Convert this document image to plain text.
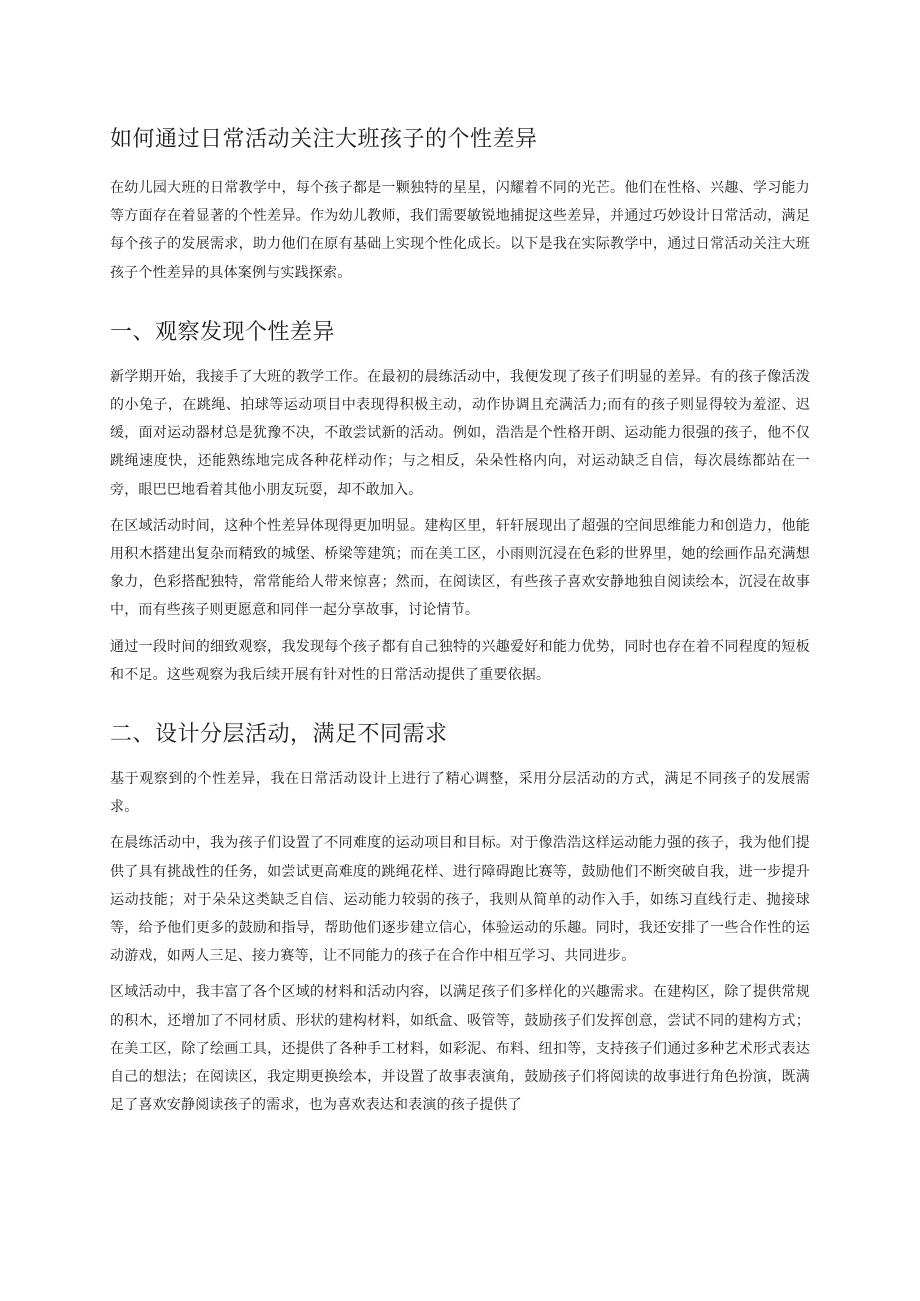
如何通过日常活动关注大班孩子的个性差异

在幼儿园大班的日常教学中，每个孩子都是一颗独特的星星，闪耀着不同的光芒。他们在性格、兴趣、学习能力等方面存在着显著的个性差异。作为幼儿教师，我们需要敏锐地捕捉这些差异，并通过巧妙设计日常活动，满足每个孩子的发展需求，助力他们在原有基础上实现个性化成长。以下是我在实际教学中，通过日常活动关注大班孩子个性差异的具体案例与实践探索。

一、观察发现个性差异

新学期开始，我接手了大班的教学工作。在最初的晨练活动中，我便发现了孩子们明显的差异。有的孩子像活泼的小兔子，在跳绳、拍球等运动项目中表现得积极主动，动作协调且充满活力;而有的孩子则显得较为羞涩、迟缓，面对运动器材总是犹豫不决，不敢尝试新的活动。例如，浩浩是个性格开朗、运动能力很强的孩子，他不仅跳绳速度快，还能熟练地完成各种花样动作；与之相反，朵朵性格内向，对运动缺乏自信，每次晨练都站在一旁，眼巴巴地看着其他小朋友玩耍，却不敢加入。

在区域活动时间，这种个性差异体现得更加明显。建构区里，轩轩展现出了超强的空间思维能力和创造力，他能用积木搭建出复杂而精致的城堡、桥梁等建筑；而在美工区，小雨则沉浸在色彩的世界里，她的绘画作品充满想象力，色彩搭配独特，常常能给人带来惊喜；然而，在阅读区，有些孩子喜欢安静地独自阅读绘本，沉浸在故事中，而有些孩子则更愿意和同伴一起分享故事，讨论情节。

通过一段时间的细致观察，我发现每个孩子都有自己独特的兴趣爱好和能力优势，同时也存在着不同程度的短板和不足。这些观察为我后续开展有针对性的日常活动提供了重要依据。

二、设计分层活动，满足不同需求

基于观察到的个性差异，我在日常活动设计上进行了精心调整，采用分层活动的方式，满足不同孩子的发展需求。

在晨练活动中，我为孩子们设置了不同难度的运动项目和目标。对于像浩浩这样运动能力强的孩子，我为他们提供了具有挑战性的任务，如尝试更高难度的跳绳花样、进行障碍跑比赛等，鼓励他们不断突破自我，进一步提升运动技能；对于朵朵这类缺乏自信、运动能力较弱的孩子，我则从简单的动作入手，如练习直线行走、抛接球等，给予他们更多的鼓励和指导，帮助他们逐步建立信心，体验运动的乐趣。同时，我还安排了一些合作性的运动游戏，如两人三足、接力赛等，让不同能力的孩子在合作中相互学习、共同进步。

区域活动中，我丰富了各个区域的材料和活动内容，以满足孩子们多样化的兴趣需求。在建构区，除了提供常规的积木，还增加了不同材质、形状的建构材料，如纸盒、吸管等，鼓励孩子们发挥创意，尝试不同的建构方式；在美工区，除了绘画工具，还提供了各种手工材料，如彩泥、布料、纽扣等，支持孩子们通过多种艺术形式表达自己的想法；在阅读区，我定期更换绘本，并设置了故事表演角，鼓励孩子们将阅读的故事进行角色扮演，既满足了喜欢安静阅读孩子的需求，也为喜欢表达和表演的孩子提供了
